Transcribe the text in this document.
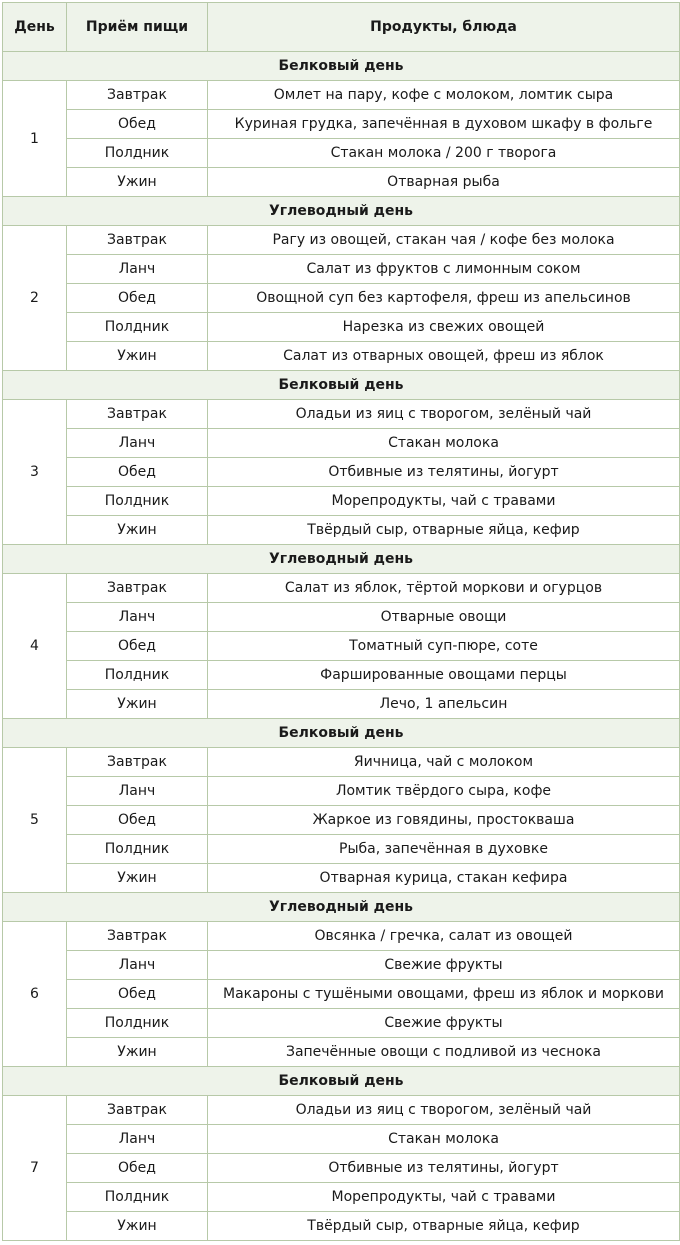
День	Приём пищи	Продукты, блюда
Белковый день		
1	Завтрак	Омлет на пару, кофе с молоком, ломтик сыра
	Обед	Куриная грудка, запечённая в духовом шкафу в фольге
	Полдник	Стакан молока / 200 г творога
	Ужин	Отварная рыба
Углеводный день		
2	Завтрак	Рагу из овощей, стакан чая / кофе без молока
	Ланч	Салат из фруктов с лимонным соком
	Обед	Овощной суп без картофеля, фреш из апельсинов
	Полдник	Нарезка из свежих овощей
	Ужин	Салат из отварных овощей, фреш из яблок
Белковый день		
3	Завтрак	Оладьи из яиц с творогом, зелёный чай
	Ланч	Стакан молока
	Обед	Отбивные из телятины, йогурт
	Полдник	Морепродукты, чай с травами
	Ужин	Твёрдый сыр, отварные яйца, кефир
Углеводный день		
4	Завтрак	Салат из яблок, тёртой моркови и огурцов
	Ланч	Отварные овощи
	Обед	Томатный суп-пюре, соте
	Полдник	Фаршированные овощами перцы
	Ужин	Лечо, 1 апельсин
Белковый день		
5	Завтрак	Яичница, чай с молоком
	Ланч	Ломтик твёрдого сыра, кофе
	Обед	Жаркое из говядины, простокваша
	Полдник	Рыба, запечённая в духовке
	Ужин	Отварная курица, стакан кефира
Углеводный день		
6	Завтрак	Овсянка / гречка, салат из овощей
	Ланч	Свежие фрукты
	Обед	Макароны с тушёными овощами, фреш из яблок и моркови
	Полдник	Свежие фрукты
	Ужин	Запечённые овощи с подливой из чеснока
Белковый день		
7	Завтрак	Оладьи из яиц с творогом, зелёный чай
	Ланч	Стакан молока
	Обед	Отбивные из телятины, йогурт
	Полдник	Морепродукты, чай с травами
	Ужин	Твёрдый сыр, отварные яйца, кефир
